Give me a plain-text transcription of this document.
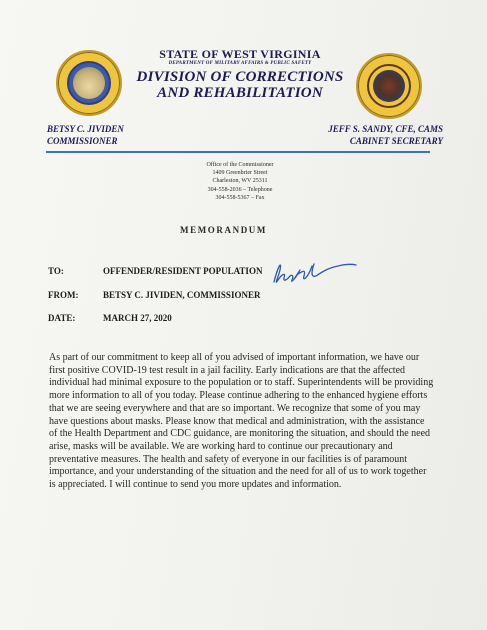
STATE OF WEST VIRGINIA
DEPARTMENT OF MILITARY AFFAIRS & PUBLIC SAFETY
DIVISION OF CORRECTIONS
AND REHABILITATION
BETSY C. JIVIDEN
COMMISSIONER
JEFF S. SANDY, CFE, CAMS
CABINET SECRETARY
Office of the Commissioner
1409 Greenbrier Street
Charleston, WV 25311
304-558-2036 – Telephone
304-558-5367 – Fax
MEMORANDUM
TO:	OFFENDER/RESIDENT POPULATION
FROM:	BETSY C. JIVIDEN, COMMISSIONER
DATE:	MARCH 27, 2020
As part of our commitment to keep all of you advised of important information, we have our first positive COVID-19 test result in a jail facility. Early indications are that the affected individual had minimal exposure to the population or to staff. Superintendents will be providing more information to all of you today. Please continue adhering to the enhanced hygiene efforts that we are seeing everywhere and that are so important. We recognize that some of you may have questions about masks. Please know that medical and administration, with the assistance of the Health Department and CDC guidance, are monitoring the situation, and should the need arise, masks will be available. We are working hard to continue our precautionary and preventative measures. The health and safety of everyone in our facilities is of paramount importance, and your understanding of the situation and the need for all of us to work together is appreciated. I will continue to send you more updates and information.
